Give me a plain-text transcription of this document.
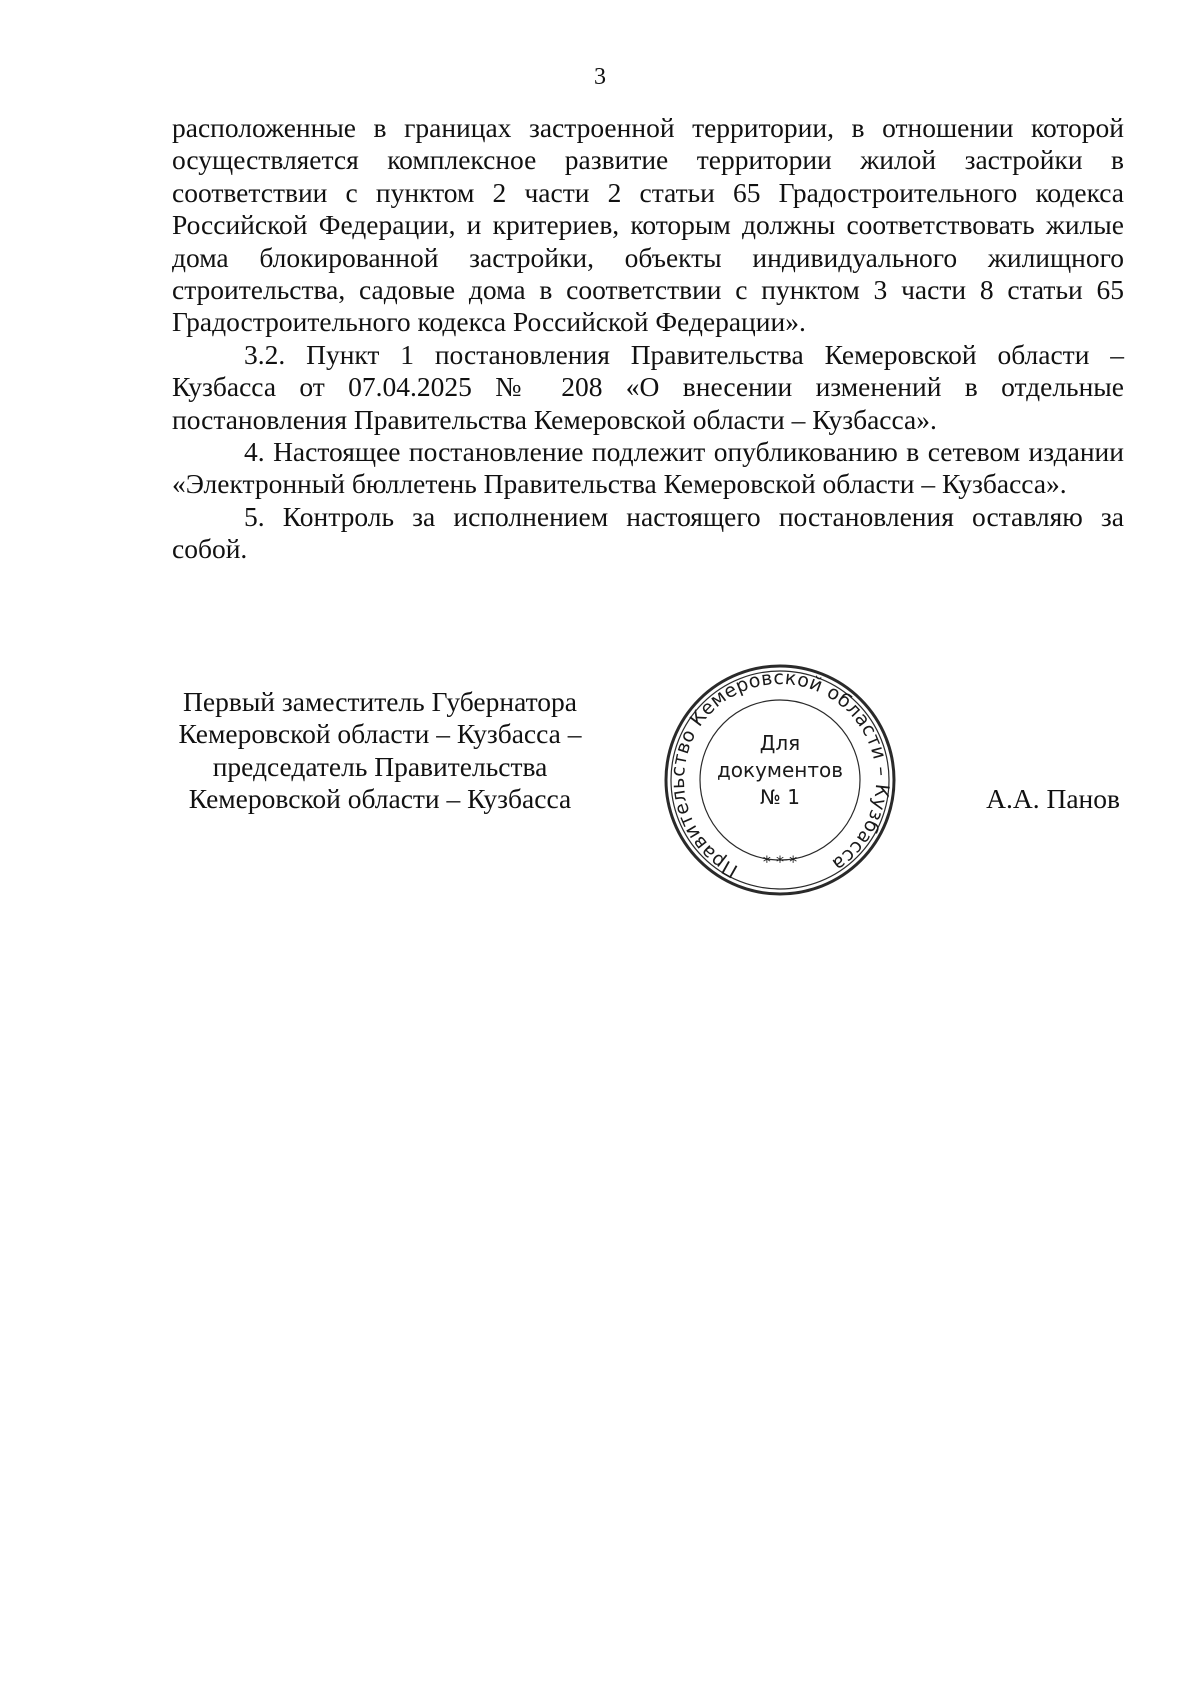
3

расположенные в границах застроенной территории, в отношении которой осуществляется комплексное развитие территории жилой застройки в соответствии с пунктом 2 части 2 статьи 65 Градостроительного кодекса Российской Федерации, и критериев, которым должны соответствовать жилые дома блокированной застройки, объекты индивидуального жилищного строительства, садовые дома в соответствии с пунктом 3 части 8 статьи 65 Градостроительного кодекса Российской Федерации».

3.2. Пункт 1 постановления Правительства Кемеровской области – Кузбасса от 07.04.2025 № 208 «О внесении изменений в отдельные постановления Правительства Кемеровской области – Кузбасса».

4. Настоящее постановление подлежит опубликованию в сетевом издании «Электронный бюллетень Правительства Кемеровской области – Кузбасса».

5. Контроль за исполнением настоящего постановления оставляю за собой.

Первый заместитель Губернатора
Кемеровской области – Кузбасса –
председатель Правительства
Кемеровской области – Кузбасса
Правительство Кемеровской области – Кузбасса
Для
документов
№ 1
* * *
А.А. Панов
